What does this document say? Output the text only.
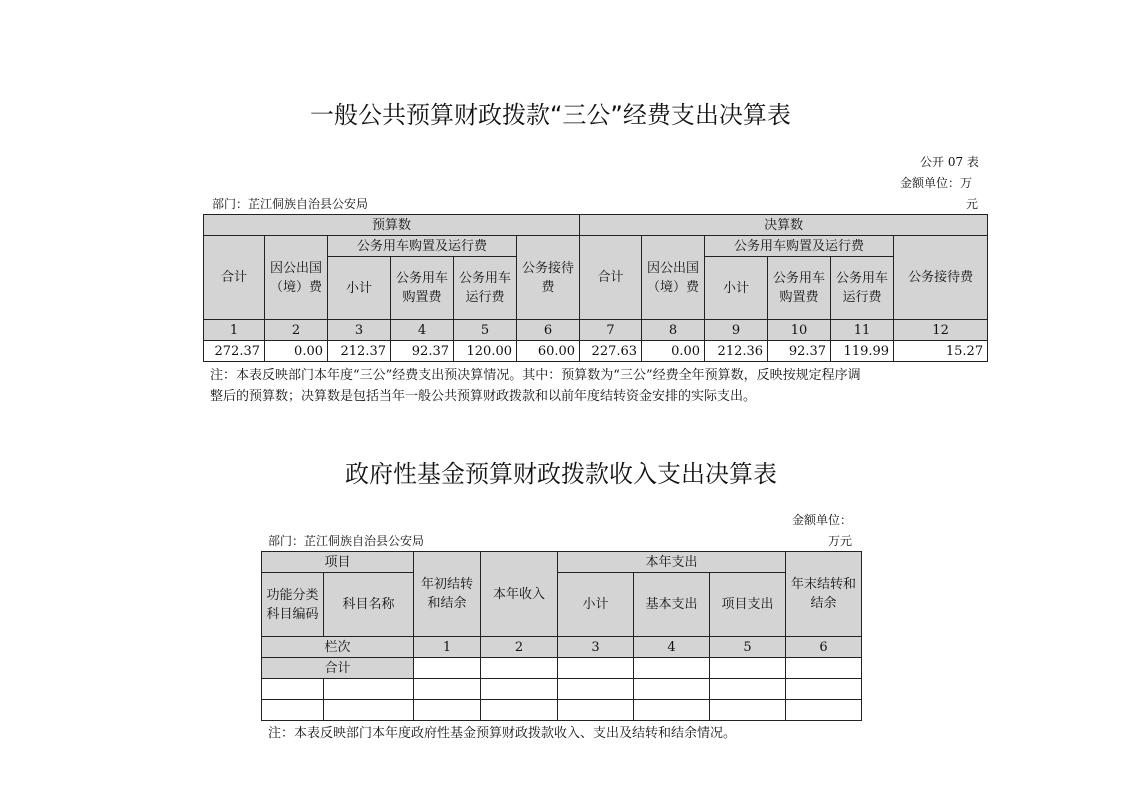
一般公共预算财政拨款“三公”经费支出决算表
公开 07 表
金额单位：万
元
部门：芷江侗族自治县公安局
预算数						决算数					
合计	因公出国（境）费	公务用车购置及运行费			公务接待费	合计	因公出国（境）费	公务用车购置及运行费			公务接待费
		小计	公务用车购置费	公务用车运行费				小计	公务用车购置费	公务用车运行费	
1	2	3	4	5	6	7	8	9	10	11	12
272.37	0.00	212.37	92.37	120.00	60.00	227.63	0.00	212.36	92.37	119.99	15.27
注：本表反映部门本年度“三公”经费支出预决算情况。其中：预算数为“三公”经费全年预算数，反映按规定程序调
整后的预算数；决算数是包括当年一般公共预算财政拨款和以前年度结转资金安排的实际支出。
政府性基金预算财政拨款收入支出决算表
金额单位：
万元
部门：芷江侗族自治县公安局
项目		年初结转和结余	本年收入	本年支出			年末结转和结余
功能分类科目编码	科目名称			小计	基本支出	项目支出	
栏次		1	2	3	4	5	6
合计							

注：本表反映部门本年度政府性基金预算财政拨款收入、支出及结转和结余情况。
